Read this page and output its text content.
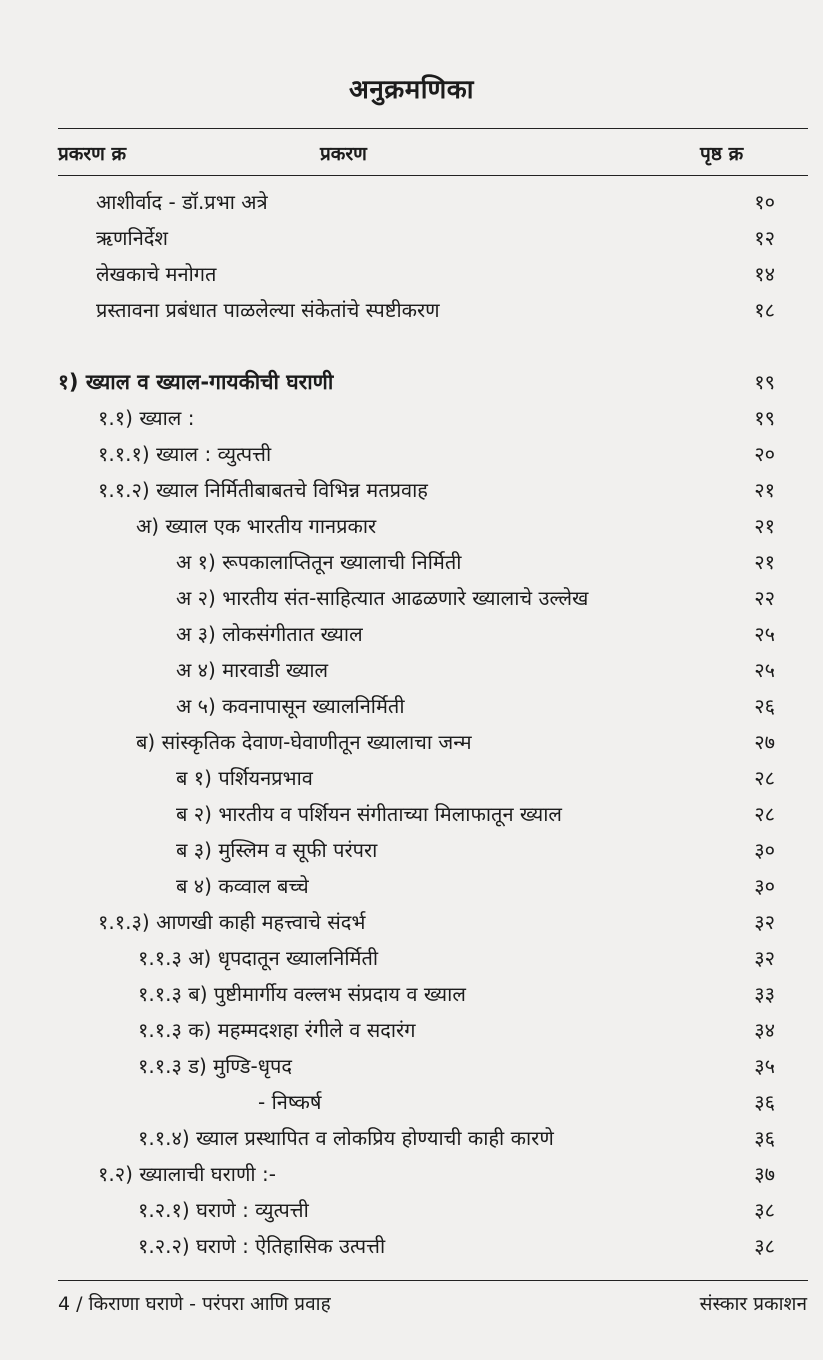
अनुक्रमणिका
प्रकरण क्र	प्रकरण	पृष्ठ क्र
आशीर्वाद - डॉ.प्रभा अत्रे	१०
ऋणनिर्देश	१२
लेखकाचे मनोगत	१४
प्रस्तावना प्रबंधात पाळलेल्या संकेतांचे स्पष्टीकरण	१८
१) ख्याल व ख्याल-गायकीची घराणी	१९
१.१) ख्याल :	१९
१.१.१) ख्याल : व्युत्पत्ती	२०
१.१.२) ख्याल निर्मितीबाबतचे विभिन्न मतप्रवाह	२१
अ) ख्याल एक भारतीय गानप्रकार	२१
अ १) रूपकालाप्तितून ख्यालाची निर्मिती	२१
अ २) भारतीय संत-साहित्यात आढळणारे ख्यालाचे उल्लेख	२२
अ ३) लोकसंगीतात ख्याल	२५
अ ४) मारवाडी ख्याल	२५
अ ५) कवनापासून ख्यालनिर्मिती	२६
ब) सांस्कृतिक देवाण-घेवाणीतून ख्यालाचा जन्म	२७
ब १) पर्शियनप्रभाव	२८
ब २) भारतीय व पर्शियन संगीताच्या मिलाफातून ख्याल	२८
ब ३) मुस्लिम व सूफी परंपरा	३०
ब ४) कव्वाल बच्चे	३०
१.१.३) आणखी काही महत्त्वाचे संदर्भ	३२
१.१.३ अ) धृपदातून ख्यालनिर्मिती	३२
१.१.३ ब) पुष्टीमार्गीय वल्लभ संप्रदाय व ख्याल	३३
१.१.३ क) महम्मदशहा रंगीले व सदारंग	३४
१.१.३ ड) मुण्डि-धृपद	३५
- निष्कर्ष	३६
१.१.४) ख्याल प्रस्थापित व लोकप्रिय होण्याची काही कारणे	३६
१.२) ख्यालाची घराणी :-	३७
१.२.१) घराणे : व्युत्पत्ती	३८
१.२.२) घराणे : ऐतिहासिक उत्पत्ती	३८
4 / किराणा घराणे - परंपरा आणि प्रवाह	संस्कार प्रकाशन
